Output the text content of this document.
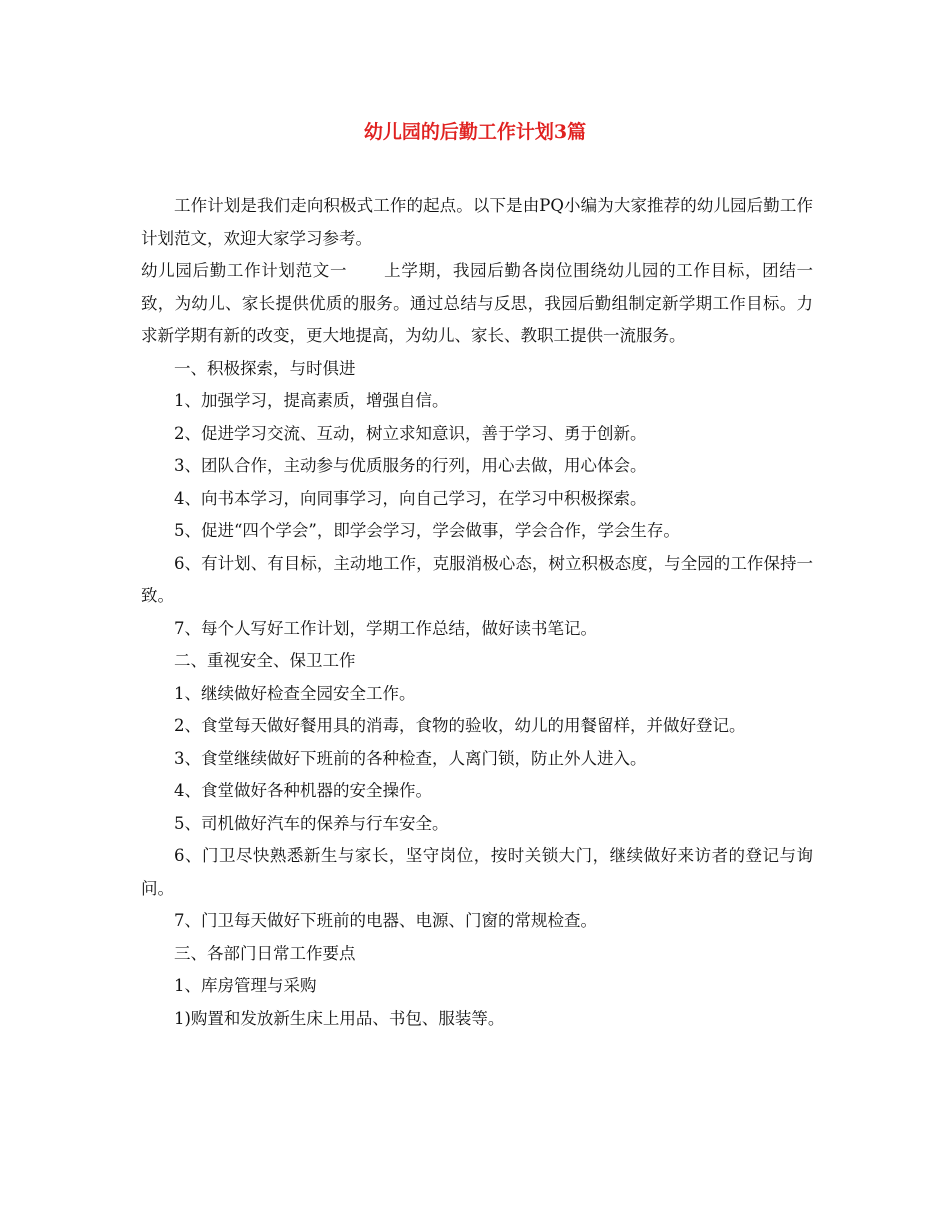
幼儿园的后勤工作计划3篇

工作计划是我们走向积极式工作的起点。以下是由PQ小编为大家推荐的幼儿园后勤工作计划范文，欢迎大家学习参考。

幼儿园后勤工作计划范文一 上学期，我园后勤各岗位围绕幼儿园的工作目标，团结一致，为幼儿、家长提供优质的服务。通过总结与反思，我园后勤组制定新学期工作目标。力求新学期有新的改变，更大地提高，为幼儿、家长、教职工提供一流服务。

一、积极探索，与时俱进

1、加强学习，提高素质，增强自信。

2、促进学习交流、互动，树立求知意识，善于学习、勇于创新。

3、团队合作，主动参与优质服务的行列，用心去做，用心体会。

4、向书本学习，向同事学习，向自己学习，在学习中积极探索。

5、促进“四个学会”，即学会学习，学会做事，学会合作，学会生存。

6、有计划、有目标，主动地工作，克服消极心态，树立积极态度，与全园的工作保持一致。

7、每个人写好工作计划，学期工作总结，做好读书笔记。

二、重视安全、保卫工作

1、继续做好检查全园安全工作。

2、食堂每天做好餐用具的消毒，食物的验收，幼儿的用餐留样，并做好登记。

3、食堂继续做好下班前的各种检查，人离门锁，防止外人进入。

4、食堂做好各种机器的安全操作。

5、司机做好汽车的保养与行车安全。

6、门卫尽快熟悉新生与家长，坚守岗位，按时关锁大门，继续做好来访者的登记与询问。

7、门卫每天做好下班前的电器、电源、门窗的常规检查。

三、各部门日常工作要点

1、库房管理与采购

1)购置和发放新生床上用品、书包、服装等。
